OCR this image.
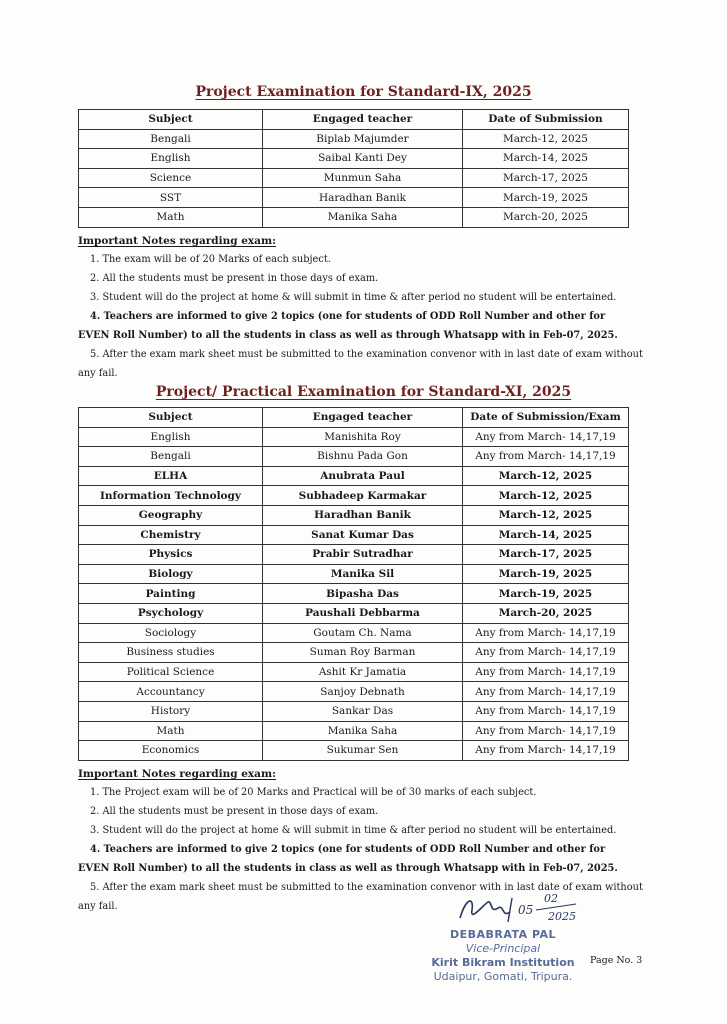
Project Examination for Standard-IX, 2025
Subject	Engaged teacher	Date of Submission
Bengali	Biplab Majumder	March-12, 2025
English	Saibal Kanti Dey	March-14, 2025
Science	Munmun Saha	March-17, 2025
SST	Haradhan Banik	March-19, 2025
Math	Manika Saha	March-20, 2025
Important Notes regarding exam:
1. The exam will be of 20 Marks of each subject.
2. All the students must be present in those days of exam.
3. Student will do the project at home & will submit in time & after period no student will be entertained.
4. Teachers are informed to give 2 topics (one for students of ODD Roll Number and other for
EVEN Roll Number) to all the students in class as well as through Whatsapp with in Feb-07, 2025.
5. After the exam mark sheet must be submitted to the examination convenor with in last date of exam without
any fail.
Project/ Practical Examination for Standard-XI, 2025
Subject	Engaged teacher	Date of Submission/Exam
English	Manishita Roy	Any from March- 14,17,19
Bengali	Bishnu Pada Gon	Any from March- 14,17,19
ELHA	Anubrata Paul	March-12, 2025
Information Technology	Subhadeep Karmakar	March-12, 2025
Geography	Haradhan Banik	March-12, 2025
Chemistry	Sanat Kumar Das	March-14, 2025
Physics	Prabir Sutradhar	March-17, 2025
Biology	Manika Sil	March-19, 2025
Painting	Bipasha Das	March-19, 2025
Psychology	Paushali Debbarma	March-20, 2025
Sociology	Goutam Ch. Nama	Any from March- 14,17,19
Business studies	Suman Roy Barman	Any from March- 14,17,19
Political Science	Ashit Kr Jamatia	Any from March- 14,17,19
Accountancy	Sanjoy Debnath	Any from March- 14,17,19
History	Sankar Das	Any from March- 14,17,19
Math	Manika Saha	Any from March- 14,17,19
Economics	Sukumar Sen	Any from March- 14,17,19
Important Notes regarding exam:
1. The Project exam will be of 20 Marks and Practical will be of 30 marks of each subject.
2. All the students must be present in those days of exam.
3. Student will do the project at home & will submit in time & after period no student will be entertained.
4. Teachers are informed to give 2 topics (one for students of ODD Roll Number and other for
EVEN Roll Number) to all the students in class as well as through Whatsapp with in Feb-07, 2025.
5. After the exam mark sheet must be submitted to the examination convenor with in last date of exam without
any fail.	05
02
2025
DEBABRATA PAL
Vice-Principal
Kirit Bikram Institution
Udaipur, Gomati, Tripura.
Page No. 3
